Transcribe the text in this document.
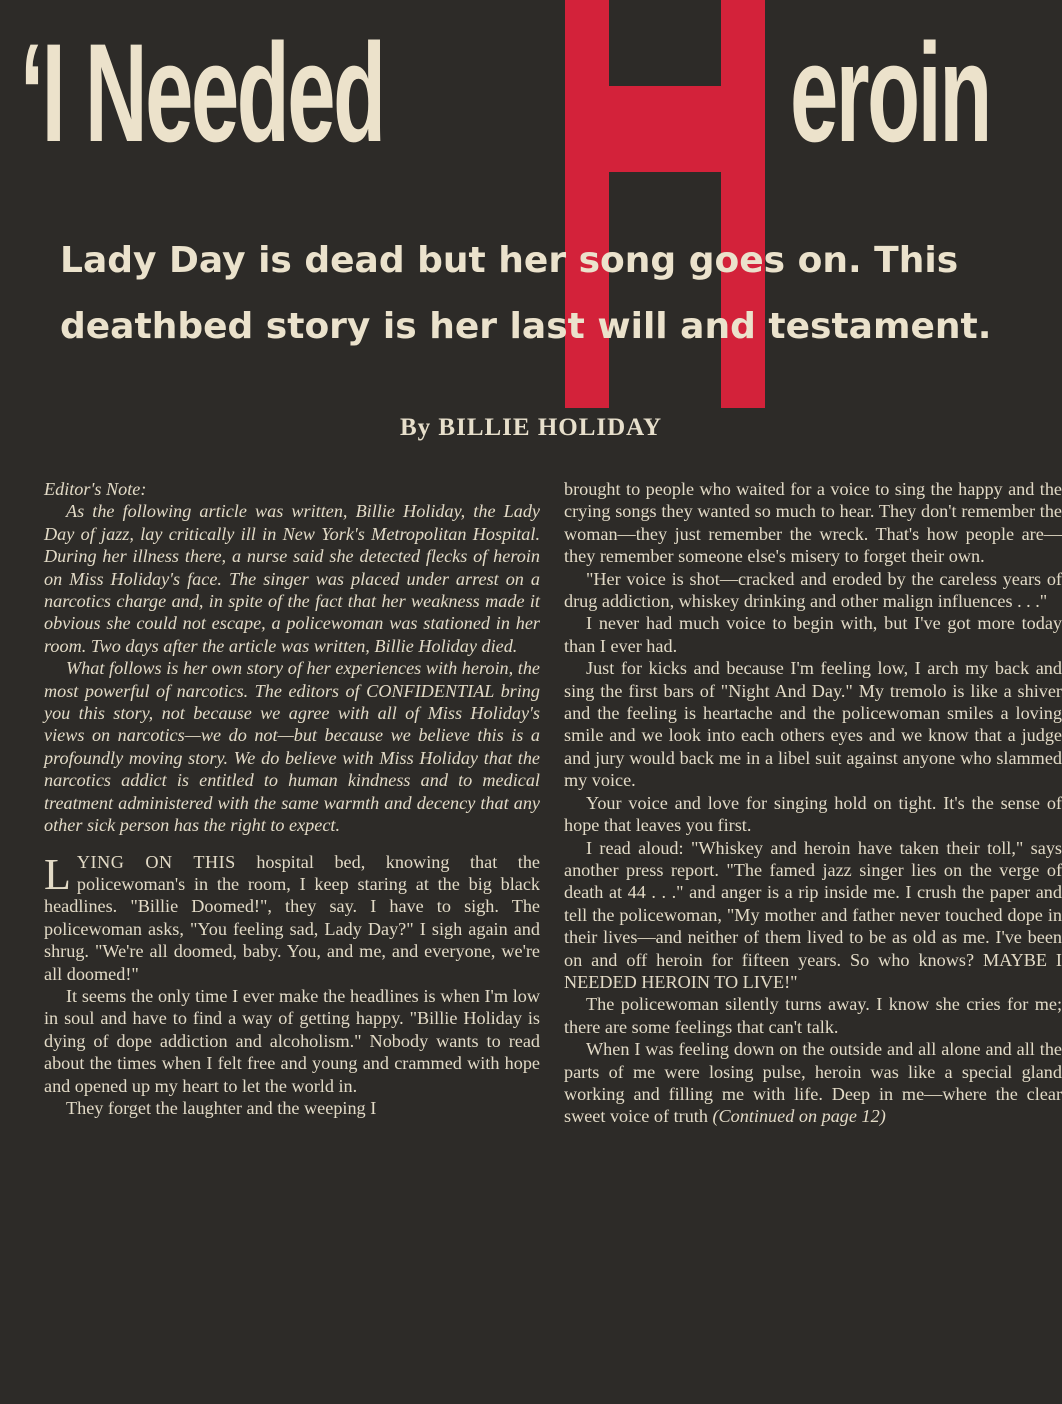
‘I Needed	eroin
Lady Day is dead but her song goes on. This
deathbed story is her last will and testament.
By BILLIE HOLIDAY

Editor's Note:

As the following article was written, Billie Holiday, the Lady Day of jazz, lay critically ill in New York's Metropolitan Hospital. During her illness there, a nurse said she detected flecks of heroin on Miss Holiday's face. The singer was placed under arrest on a narcotics charge and, in spite of the fact that her weakness made it obvious she could not escape, a policewoman was stationed in her room. Two days after the article was written, Billie Holiday died.

What follows is her own story of her experiences with heroin, the most powerful of narcotics. The editors of CONFIDENTIAL bring you this story, not because we agree with all of Miss Holiday's views on narcotics—we do not—but because we believe this is a profoundly moving story. We do believe with Miss Holiday that the narcotics addict is entitled to human kindness and to medical treatment administered with the same warmth and decency that any other sick person has the right to expect.

LYING ON THIS hospital bed, knowing that the policewoman's in the room, I keep staring at the big black headlines. "Billie Doomed!", they say. I have to sigh. The policewoman asks, "You feeling sad, Lady Day?" I sigh again and shrug. "We're all doomed, baby. You, and me, and everyone, we're all doomed!"

It seems the only time I ever make the headlines is when I'm low in soul and have to find a way of getting happy. "Billie Holiday is dying of dope addiction and alcoholism." Nobody wants to read about the times when I felt free and young and crammed with hope and opened up my heart to let the world in.

They forget the laughter and the weeping I

brought to people who waited for a voice to sing the happy and the crying songs they wanted so much to hear. They don't remember the woman—they just remember the wreck. That's how people are—they remember someone else's misery to forget their own.

"Her voice is shot—cracked and eroded by the careless years of drug addiction, whiskey drinking and other malign influences . . ."

I never had much voice to begin with, but I've got more today than I ever had.

Just for kicks and because I'm feeling low, I arch my back and sing the first bars of "Night And Day." My tremolo is like a shiver and the feeling is heartache and the policewoman smiles a loving smile and we look into each others eyes and we know that a judge and jury would back me in a libel suit against anyone who slammed my voice.

Your voice and love for singing hold on tight. It's the sense of hope that leaves you first.

I read aloud: "Whiskey and heroin have taken their toll," says another press report. "The famed jazz singer lies on the verge of death at 44 . . ." and anger is a rip inside me. I crush the paper and tell the policewoman, "My mother and father never touched dope in their lives—and neither of them lived to be as old as me. I've been on and off heroin for fifteen years. So who knows? MAYBE I NEEDED HEROIN TO LIVE!"

The policewoman silently turns away. I know she cries for me; there are some feelings that can't talk.

When I was feeling down on the outside and all alone and all the parts of me were losing pulse, heroin was like a special gland working and filling me with life. Deep in me—where the clear sweet voice of truth (Continued on page 12)
